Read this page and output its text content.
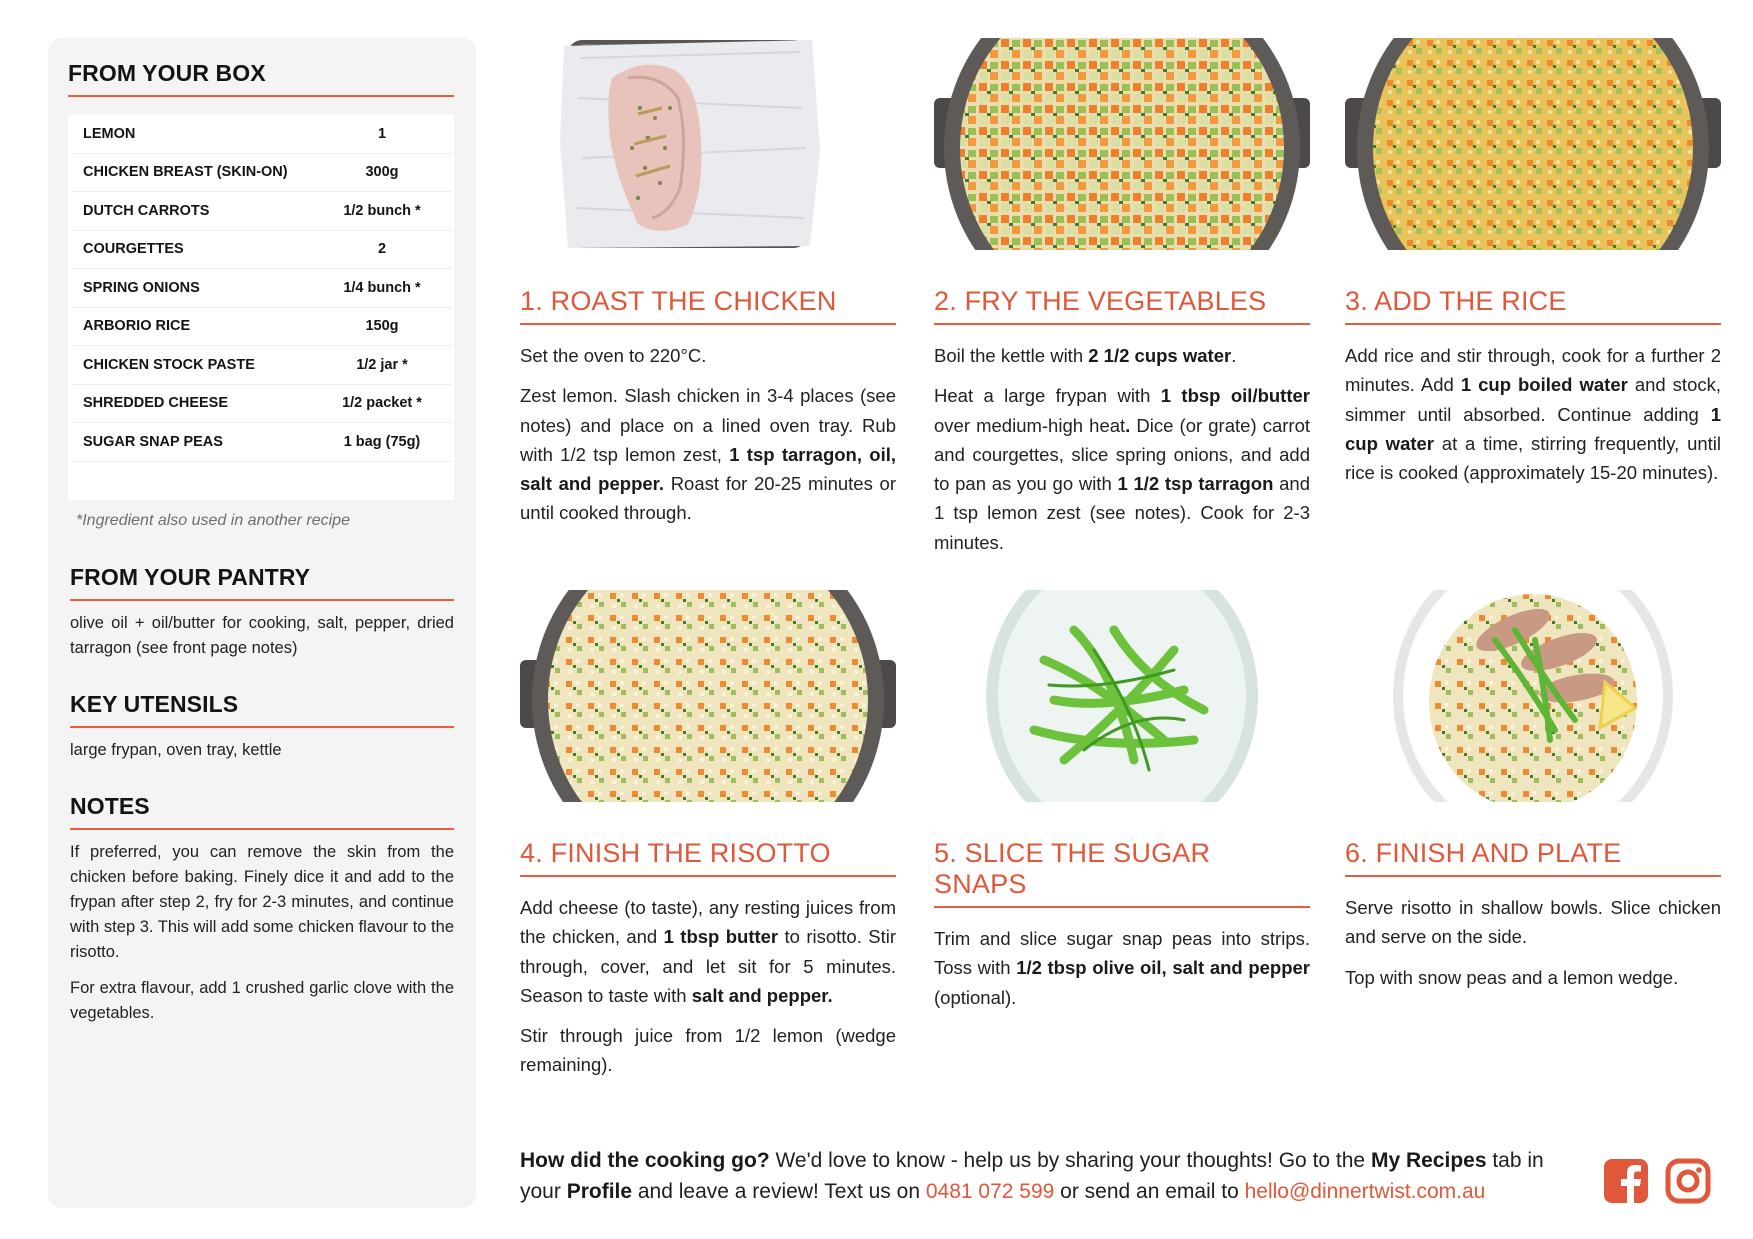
FROM YOUR BOX
LEMON	1
CHICKEN BREAST (SKIN-ON)	300g
DUTCH CARROTS	1/2 bunch *
COURGETTES	2
SPRING ONIONS	1/4 bunch *
ARBORIO RICE	150g
CHICKEN STOCK PASTE	1/2 jar *
SHREDDED CHEESE	1/2 packet *
SUGAR SNAP PEAS	1 bag (75g)
*Ingredient also used in another recipe
FROM YOUR PANTRY

olive oil + oil/butter for cooking, salt, pepper, dried tarragon (see front page notes)

KEY UTENSILS

large frypan, oven tray, kettle

NOTES

If preferred, you can remove the skin from the chicken before baking. Finely dice it and add to the frypan after step 2, fry for 2-3 minutes, and continue with step 3. This will add some chicken flavour to the risotto.

For extra flavour, add 1 crushed garlic clove with the vegetables.

1. ROAST THE CHICKEN

Set the oven to 220°C.

Zest lemon. Slash chicken in 3-4 places (see notes) and place on a lined oven tray. Rub with 1/2 tsp lemon zest, 1 tsp tarragon, oil, salt and pepper. Roast for 20-25 minutes or until cooked through.

2. FRY THE VEGETABLES

Boil the kettle with 2 1/2 cups water.

Heat a large frypan with 1 tbsp oil/butter over medium-high heat. Dice (or grate) carrot and courgettes, slice spring onions, and add to pan as you go with 1 1/2 tsp tarragon and 1 tsp lemon zest (see notes). Cook for 2-3 minutes.

3. ADD THE RICE

Add rice and stir through, cook for a further 2 minutes. Add 1 cup boiled water and stock, simmer until absorbed. Continue adding 1 cup water at a time, stirring frequently, until rice is cooked (approximately 15-20 minutes).

4. FINISH THE RISOTTO

Add cheese (to taste), any resting juices from the chicken, and 1 tbsp butter to risotto. Stir through, cover, and let sit for 5 minutes. Season to taste with salt and pepper.

Stir through juice from 1/2 lemon (wedge remaining).

5. SLICE THE SUGAR SNAPS

Trim and slice sugar snap peas into strips. Toss with 1/2 tbsp olive oil, salt and pepper (optional).

6. FINISH AND PLATE

Serve risotto in shallow bowls. Slice chicken and serve on the side.

Top with snow peas and a lemon wedge.

How did the cooking go? We'd love to know - help us by sharing your thoughts! Go to the My Recipes tab in your Profile and leave a review! Text us on 0481 072 599 or send an email to hello@dinnertwist.com.au
